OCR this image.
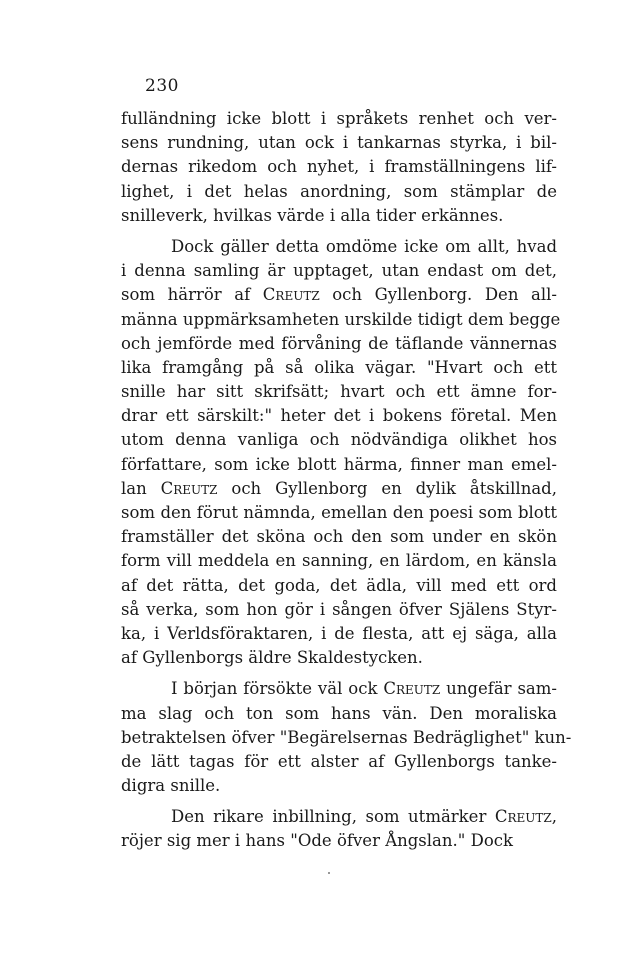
230
fulländning icke blott i språkets renhet och ver-
sens rundning, utan ock i tankarnas styrka, i bil-
dernas rikedom och nyhet, i framställningens lif-
lighet, i det helas anordning, som stämplar de
snilleverk, hvilkas värde i alla tider erkännes.
Dock gäller detta omdöme icke om allt, hvad
i denna samling är upptaget, utan endast om det,
som härrör af Creutz och Gyllenborg. Den all-
männa uppmärksamheten urskilde tidigt dem begge
och jemförde med förvåning de täflande vännernas
lika framgång på så olika vägar. "Hvart och ett
snille har sitt skrifsätt; hvart och ett ämne for-
drar ett särskilt:" heter det i bokens företal. Men
utom denna vanliga och nödvändiga olikhet hos
författare, som icke blott härma, finner man emel-
lan Creutz och Gyllenborg en dylik åtskillnad,
som den förut nämnda, emellan den poesi som blott
framställer det sköna och den som under en skön
form vill meddela en sanning, en lärdom, en känsla
af det rätta, det goda, det ädla, vill med ett ord
så verka, som hon gör i sången öfver Själens Styr-
ka, i Verldsföraktaren, i de flesta, att ej säga, alla
af Gyllenborgs äldre Skaldestycken.
I början försökte väl ock Creutz ungefär sam-
ma slag och ton som hans vän. Den moraliska
betraktelsen öfver "Begärelsernas Bedräglighet" kun-
de lätt tagas för ett alster af Gyllenborgs tanke-
digra snille.
Den rikare inbillning, som utmärker Creutz,
röjer sig mer i hans "Ode öfver Ångslan." Dock
